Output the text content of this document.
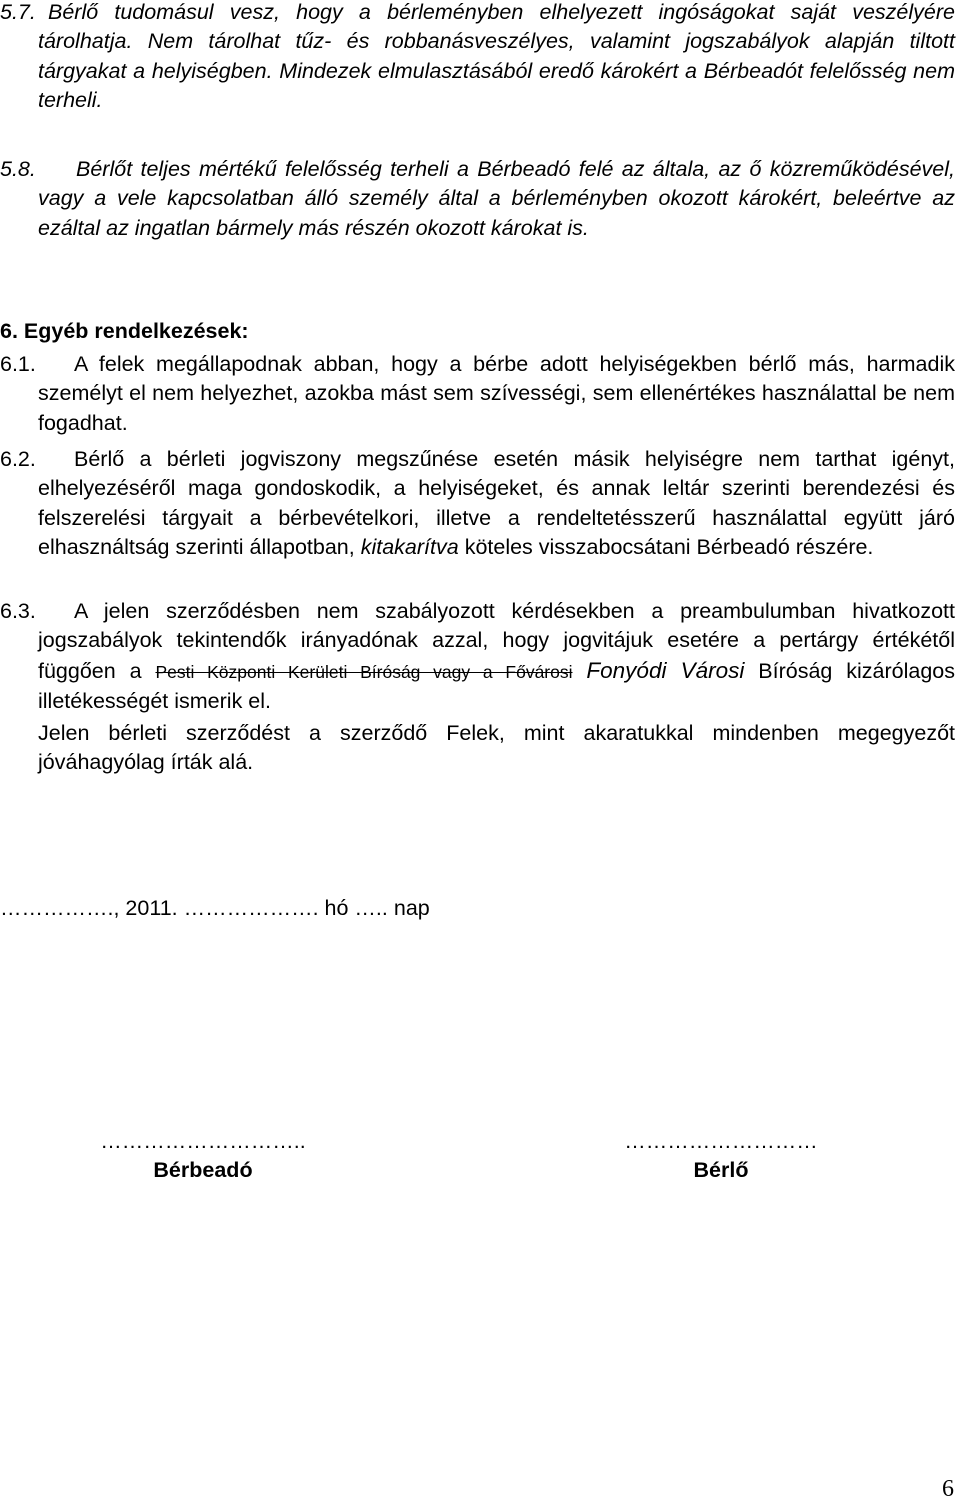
5.7. Bérlő tudomásul vesz, hogy a bérleményben elhelyezett ingóságokat saját veszélyére tárolhatja. Nem tárolhat tűz- és robbanásveszélyes, valamint jogszabályok alapján tiltott tárgyakat a helyiségben. Mindezek elmulasztásából eredő károkért a Bérbeadót felelősség nem terheli.
5.8. Bérlőt teljes mértékű felelősség terheli a Bérbeadó felé az általa, az ő közreműködésével, vagy a vele kapcsolatban álló személy által a bérleményben okozott károkért, beleértve az ezáltal az ingatlan bármely más részén okozott károkat is.
6. Egyéb rendelkezések:
6.1. A felek megállapodnak abban, hogy a bérbe adott helyiségekben bérlő más, harmadik személyt el nem helyezhet, azokba mást sem szívességi, sem ellenértékes használattal be nem fogadhat.
6.2. Bérlő a bérleti jogviszony megszűnése esetén másik helyiségre nem tarthat igényt, elhelyezéséről maga gondoskodik, a helyiségeket, és annak leltár szerinti berendezési és felszerelési tárgyait a bérbevételkori, illetve a rendeltetésszerű használattal együtt járó elhasználtság szerinti állapotban, kitakarítva köteles visszabocsátani Bérbeadó részére.
6.3. A jelen szerződésben nem szabályozott kérdésekben a preambulumban hivatkozott jogszabályok tekintendők irányadónak azzal, hogy jogvitájuk esetére a pertárgy értékétől függően a Pesti Központi Kerületi Bíróság vagy a Fővárosi Fonyódi Városi Bíróság kizárólagos illetékességét ismerik el.
Jelen bérleti szerződést a szerződő Felek, mint akaratukkal mindenben megegyezőt jóváhagyólag írták alá.
……………., 2011. ………………. hó ….. nap
………………………..
Bérbeadó
………………………
Bérlő
6
